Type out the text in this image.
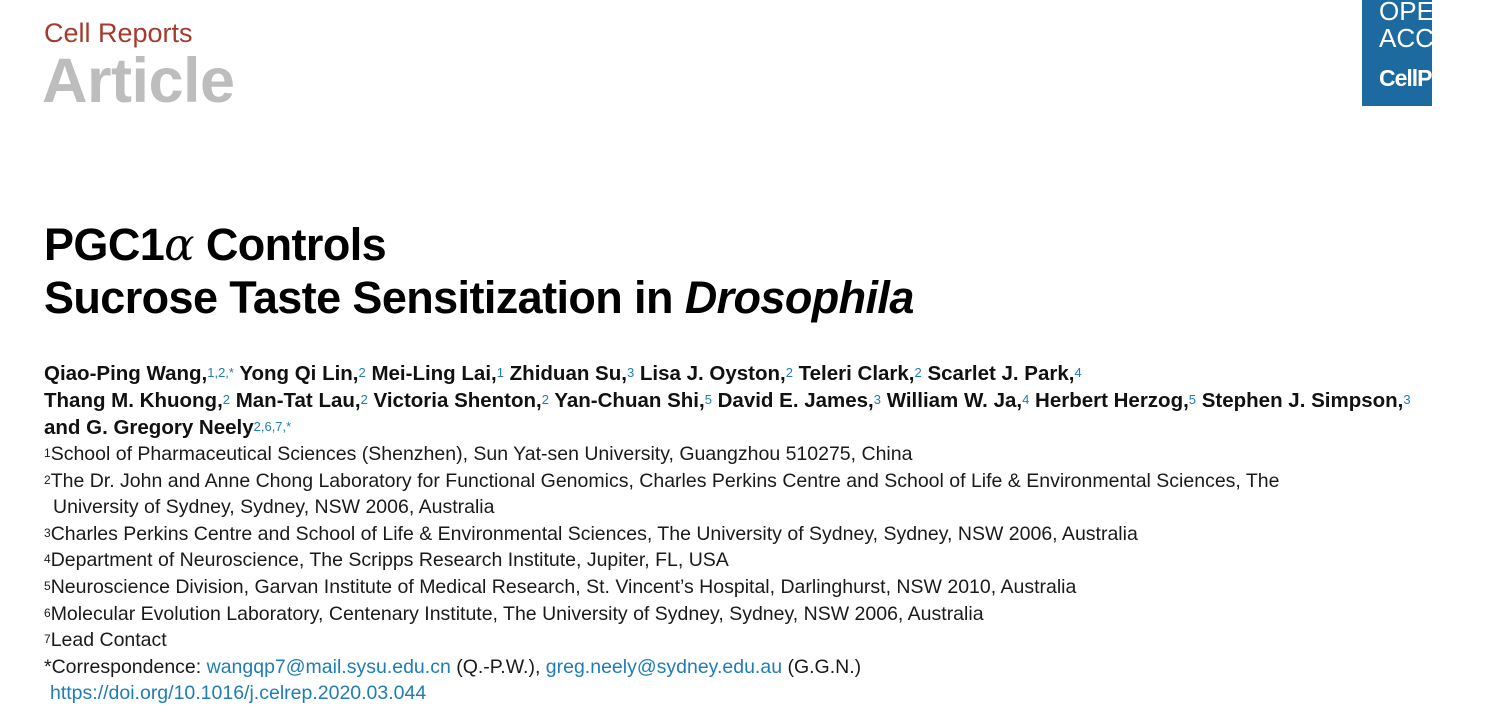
Cell Reports
Article
OPEN
ACCESS
CellPress
PGC1α Controls
Sucrose Taste Sensitization in Drosophila
Qiao-Ping Wang,$^{1,2,*}$ Yong Qi Lin,$^2$ Mei-Ling Lai,$^1$ Zhiduan Su,$^3$ Lisa J. Oyston,$^2$ Teleri Clark,$^2$ Scarlet J. Park,$^4$
Thang M. Khuong,$^2$ Man-Tat Lau,$^2$ Victoria Shenton,$^2$ Yan-Chuan Shi,$^5$ David E. James,$^3$ William W. Ja,$^4$ Herbert Herzog,$^5$ Stephen J. Simpson,$^3$
and G. Gregory Neely$^{2,6,7,*}$
$^1$School of Pharmaceutical Sciences (Shenzhen), Sun Yat-sen University, Guangzhou 510275, China
$^2$The Dr. John and Anne Chong Laboratory for Functional Genomics, Charles Perkins Centre and School of Life & Environmental Sciences, The
University of Sydney, Sydney, NSW 2006, Australia
$^3$Charles Perkins Centre and School of Life & Environmental Sciences, The University of Sydney, Sydney, NSW 2006, Australia
$^4$Department of Neuroscience, The Scripps Research Institute, Jupiter, FL, USA
$^5$Neuroscience Division, Garvan Institute of Medical Research, St. Vincent’s Hospital, Darlinghurst, NSW 2010, Australia
$^6$Molecular Evolution Laboratory, Centenary Institute, The University of Sydney, Sydney, NSW 2006, Australia
$^7$Lead Contact
*Correspondence: wangqp7@mail.sysu.edu.cn (Q.-P.W.), greg.neely@sydney.edu.au (G.G.N.)
https://doi.org/10.1016/j.celrep.2020.03.044
